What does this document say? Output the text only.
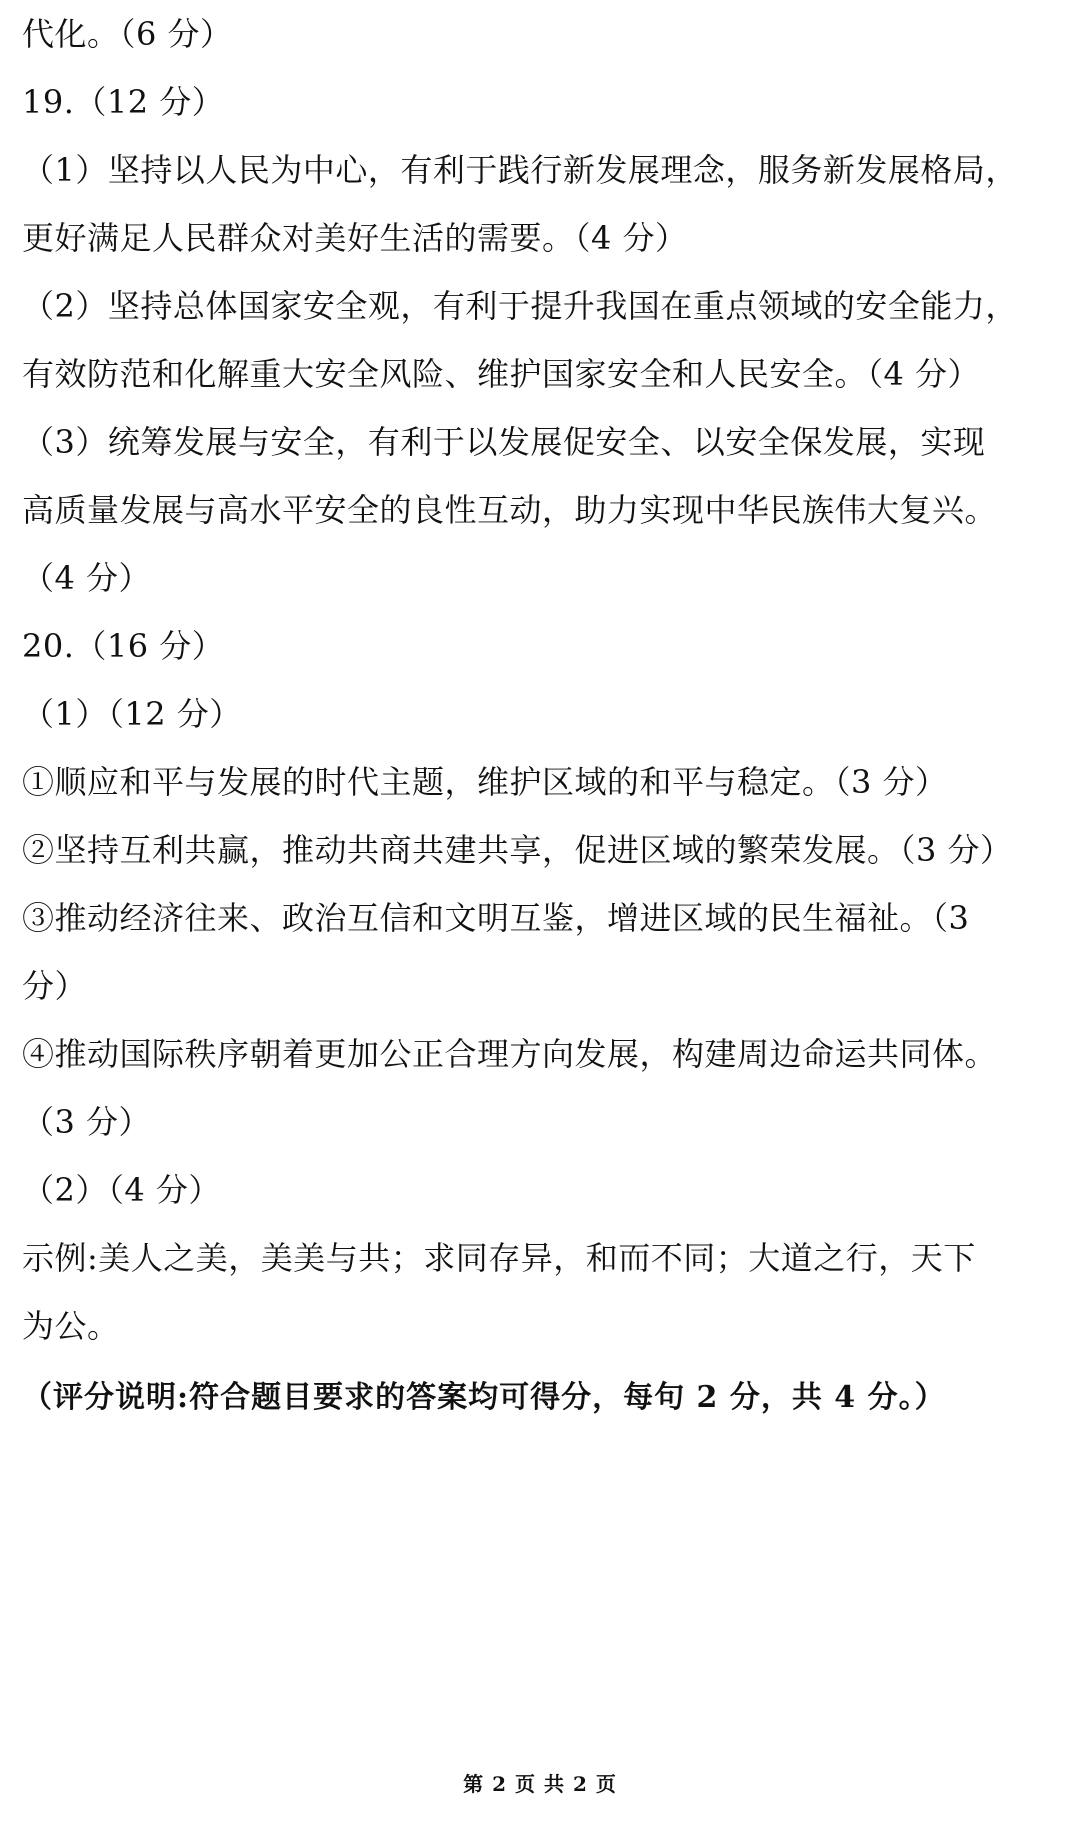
代化。（6 分）
19.（12 分）
（1）坚持以人民为中心，有利于践行新发展理念，服务新发展格局，
更好满足人民群众对美好生活的需要。（4 分）
（2）坚持总体国家安全观，有利于提升我国在重点领域的安全能力，
有效防范和化解重大安全风险、维护国家安全和人民安全。（4 分）
（3）统筹发展与安全，有利于以发展促安全、以安全保发展，实现
高质量发展与高水平安全的良性互动，助力实现中华民族伟大复兴。
（4 分）
20.（16 分）
（1）（12 分）
①顺应和平与发展的时代主题，维护区域的和平与稳定。（3 分）
②坚持互利共赢，推动共商共建共享，促进区域的繁荣发展。（3 分）
③推动经济往来、政治互信和文明互鉴，增进区域的民生福祉。（3
分）
④推动国际秩序朝着更加公正合理方向发展，构建周边命运共同体。
（3 分）
（2）（4 分）
示例:美人之美，美美与共；求同存异，和而不同；大道之行，天下
为公。
（评分说明:符合题目要求的答案均可得分，每句 2 分，共 4 分。）
第 2 页 共 2 页
